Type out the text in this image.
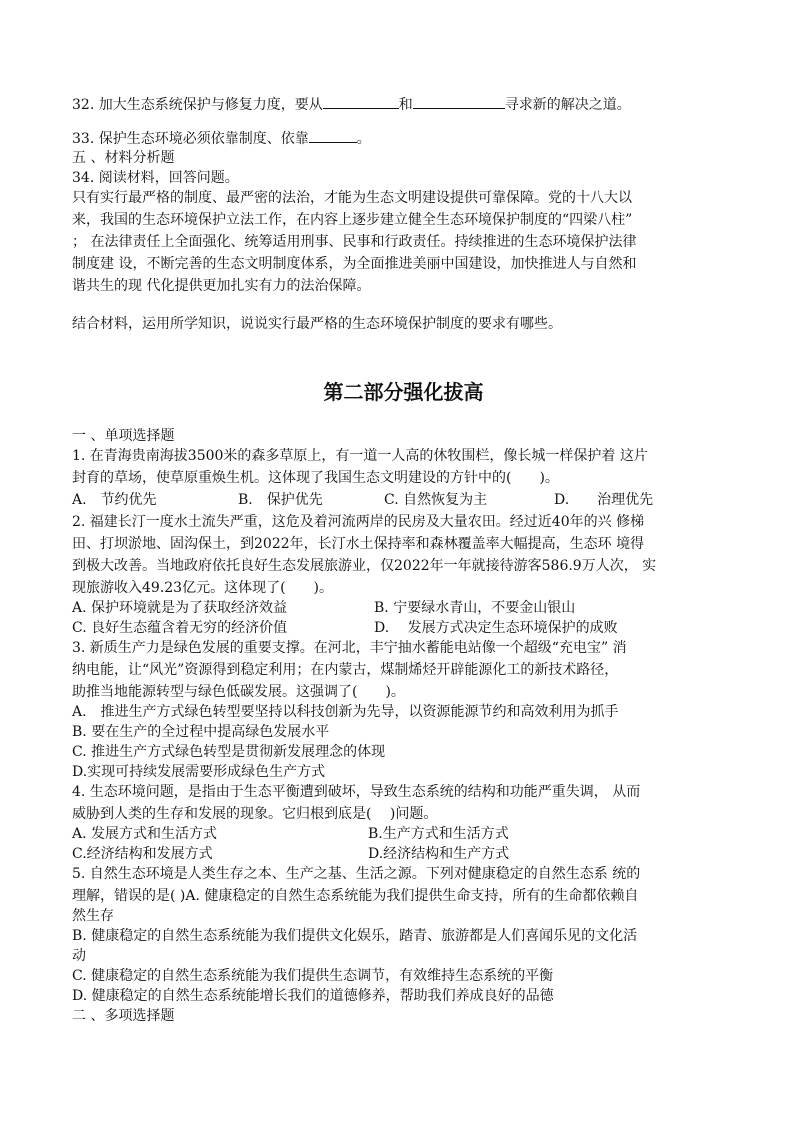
32. 加大生态系统保护与修复力度，要从	和	寻求新的解决之道。
33. 保护生态环境必须依靠制度、依靠	。
五 、材料分析题
34. 阅读材料，回答问题。
只有实行最严格的制度、最严密的法治，才能为生态文明建设提供可靠保障。党的十八大以
来，我国的生态环境保护立法工作，在内容上逐步建立健全生态环境保护制度的“四梁八柱”
； 在法律责任上全面强化、统筹适用刑事、民事和行政责任。持续推进的生态环境保护法律
制度建 设，不断完善的生态文明制度体系，为全面推进美丽中国建设，加快推进人与自然和
谐共生的现 代化提供更加扎实有力的法治保障。
结合材料，运用所学知识，说说实行最严格的生态环境保护制度的要求有哪些。
第二部分强化拔高
一 、单项选择题
1. 在青海贵南海拔3500米的森多草原上，有一道一人高的休牧围栏，像长城一样保护着 这片
封育的草场，使草原重焕生机。这体现了我国生态文明建设的方针中的(　　)。
A.　节约优先	B.　保护优先	C. 自然恢复为主	D.　　治理优先
2. 福建长汀一度水土流失严重，这危及着河流两岸的民房及大量农田。经过近40年的兴 修梯
田、打坝淤地、固沟保土，到2022年，长汀水土保持率和森林覆盖率大幅提高，生态环 境得
到极大改善。当地政府依托良好生态发展旅游业，仅2022年一年就接待游客586.9万人次， 实
现旅游收入49.23亿元。这体现了(　　)。
A. 保护环境就是为了获取经济效益	B. 宁要绿水青山，不要金山银山
C. 良好生态蕴含着无穷的经济价值	D.　 发展方式决定生态环境保护的成败
3. 新质生产力是绿色发展的重要支撑。在河北，丰宁抽水蓄能电站像一个超级“充电宝” 消
纳电能，让“风光”资源得到稳定利用；在内蒙古，煤制烯烃开辟能源化工的新技术路径，
助推当地能源转型与绿色低碳发展。这强调了(　　)。
A.　推进生产方式绿色转型要坚持以科技创新为先导，以资源能源节约和高效利用为抓手
B. 要在生产的全过程中提高绿色发展水平
C. 推进生产方式绿色转型是贯彻新发展理念的体现
D.实现可持续发展需要形成绿色生产方式
4. 生态环境问题，是指由于生态平衡遭到破坏，导致生态系统的结构和功能严重失调， 从而
威胁到人类的生存和发展的现象。它归根到底是(　 )问题。
A. 发展方式和生活方式	B.生产方式和生活方式
C.经济结构和发展方式	D.经济结构和生产方式
5. 自然生态环境是人类生存之本、生产之基、生活之源。下列对健康稳定的自然生态系 统的
理解，错误的是( )A. 健康稳定的自然生态系统能为我们提供生命支持，所有的生命都依赖自
然生存
B. 健康稳定的自然生态系统能为我们提供文化娱乐，踏青、旅游都是人们喜闻乐见的文化活
动
C. 健康稳定的自然生态系统能为我们提供生态调节，有效维持生态系统的平衡
D. 健康稳定的自然生态系统能增长我们的道德修养，帮助我们养成良好的品德
二 、多项选择题
